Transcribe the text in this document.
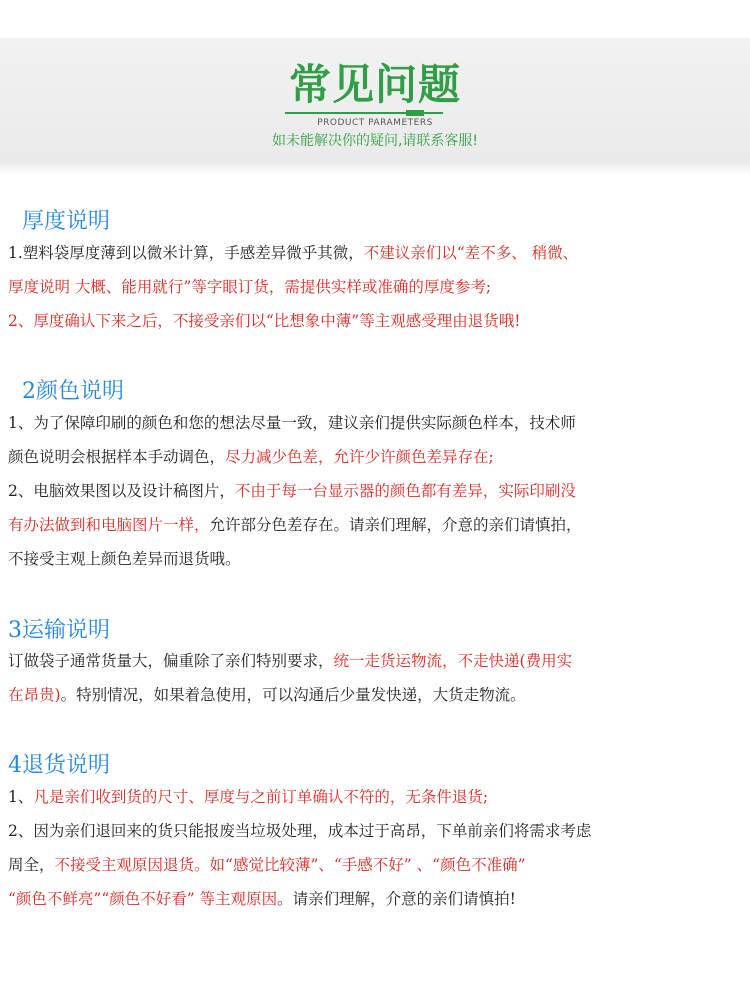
常见问题
PRODUCT PARAMETERS
如未能解决你的疑问,请联系客服!
厚度说明
1.塑料袋厚度薄到以微米计算，手感差异微乎其微，不建议亲们以“差不多、 稍微、
厚度说明 大概、能用就行”等字眼订货，需提供实样或准确的厚度参考;
2、厚度确认下来之后，不接受亲们以“比想象中薄”等主观感受理由退货哦!
2颜色说明
1、为了保障印刷的颜色和您的想法尽量一致，建议亲们提供实际颜色样本，技术师
颜色说明会根据样本手动调色，尽力减少色差，允许少许颜色差异存在;
2、电脑效果图以及设计稿图片，不由于每一台显示器的颜色都有差异，实际印刷没
有办法做到和电脑图片一样，允许部分色差存在。请亲们理解，介意的亲们请慎拍，
不接受主观上颜色差异而退货哦。
3运输说明
订做袋子通常货量大，偏重除了亲们特别要求，统一走货运物流，不走快递(费用实
在昂贵)。特别情况，如果着急使用，可以沟通后少量发快递，大货走物流。
4退货说明
1、凡是亲们收到货的尺寸、厚度与之前订单确认不符的，无条件退货;
2、因为亲们退回来的货只能报废当垃圾处理，成本过于高昂，下单前亲们将需求考虑
周全，不接受主观原因退货。如“感觉比较薄”、“手感不好” 、“颜色不准确”
“颜色不鲜亮”“颜色不好看” 等主观原因。请亲们理解，介意的亲们请慎拍!
